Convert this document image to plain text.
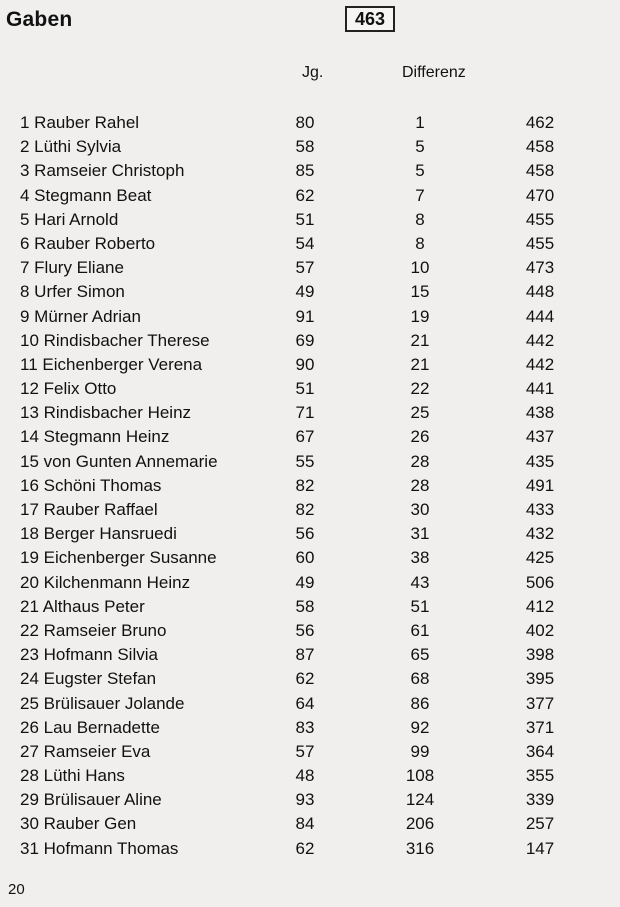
Gaben	463
Jg.	Differenz
1 Rauber Rahel	80	1	462
2 Lüthi Sylvia	58	5	458
3 Ramseier Christoph	85	5	458
4 Stegmann Beat	62	7	470
5 Hari Arnold	51	8	455
6 Rauber Roberto	54	8	455
7 Flury Eliane	57	10	473
8 Urfer Simon	49	15	448
9 Mürner Adrian	91	19	444
10 Rindisbacher Therese	69	21	442
11 Eichenberger Verena	90	21	442
12 Felix Otto	51	22	441
13 Rindisbacher Heinz	71	25	438
14 Stegmann Heinz	67	26	437
15 von Gunten Annemarie	55	28	435
16 Schöni Thomas	82	28	491
17 Rauber Raffael	82	30	433
18 Berger Hansruedi	56	31	432
19 Eichenberger Susanne	60	38	425
20 Kilchenmann Heinz	49	43	506
21 Althaus Peter	58	51	412
22 Ramseier Bruno	56	61	402
23 Hofmann Silvia	87	65	398
24 Eugster Stefan	62	68	395
25 Brülisauer Jolande	64	86	377
26 Lau Bernadette	83	92	371
27 Ramseier Eva	57	99	364
28 Lüthi Hans	48	108	355
29 Brülisauer Aline	93	124	339
30 Rauber Gen	84	206	257
31 Hofmann Thomas	62	316	147
20
